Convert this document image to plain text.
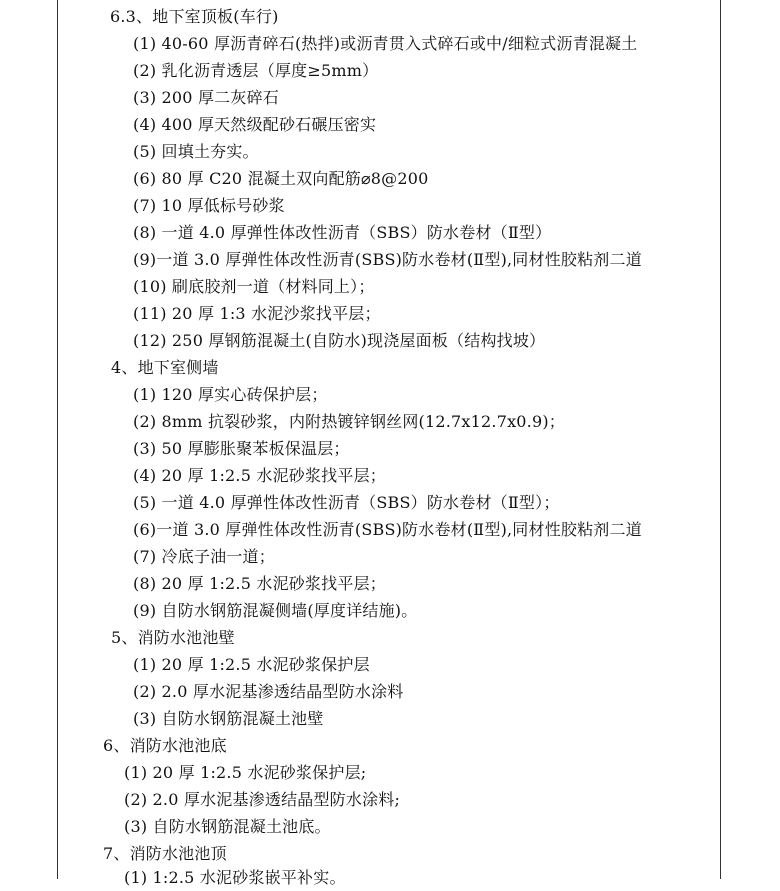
6.3、地下室顶板(车行)
(1) 40-60 厚沥青碎石(热拌)或沥青贯入式碎石或中/细粒式沥青混凝土
(2) 乳化沥青透层（厚度≥5mm）
(3) 200 厚二灰碎石
(4) 400 厚天然级配砂石碾压密实
(5) 回填土夯实。
(6) 80 厚 C20 混凝土双向配筋⌀8@200
(7) 10 厚低标号砂浆
(8) 一道 4.0 厚弹性体改性沥青（SBS）防水卷材（Ⅱ型）
(9)一道 3.0 厚弹性体改性沥青(SBS)防水卷材(Ⅱ型),同材性胶粘剂二道
(10) 刷底胶剂一道（材料同上）；
(11) 20 厚 1:3 水泥沙浆找平层；
(12) 250 厚钢筋混凝土(自防水)现浇屋面板（结构找坡）
4、地下室侧墙
(1) 120 厚实心砖保护层；
(2) 8mm 抗裂砂浆，内附热镀锌钢丝网(12.7x12.7x0.9)；
(3) 50 厚膨胀聚苯板保温层；
(4) 20 厚 1:2.5 水泥砂浆找平层；
(5) 一道 4.0 厚弹性体改性沥青（SBS）防水卷材（Ⅱ型）；
(6)一道 3.0 厚弹性体改性沥青(SBS)防水卷材(Ⅱ型),同材性胶粘剂二道
(7) 冷底子油一道；
(8) 20 厚 1:2.5 水泥砂浆找平层；
(9) 自防水钢筋混凝侧墙(厚度详结施)。
5、消防水池池壁
(1) 20 厚 1:2.5 水泥砂浆保护层
(2) 2.0 厚水泥基渗透结晶型防水涂料
(3) 自防水钢筋混凝土池壁
6、消防水池池底
(1) 20 厚 1:2.5 水泥砂浆保护层;
(2) 2.0 厚水泥基渗透结晶型防水涂料;
(3) 自防水钢筋混凝土池底。
7、消防水池池顶
(1) 1:2.5 水泥砂浆嵌平补实。
